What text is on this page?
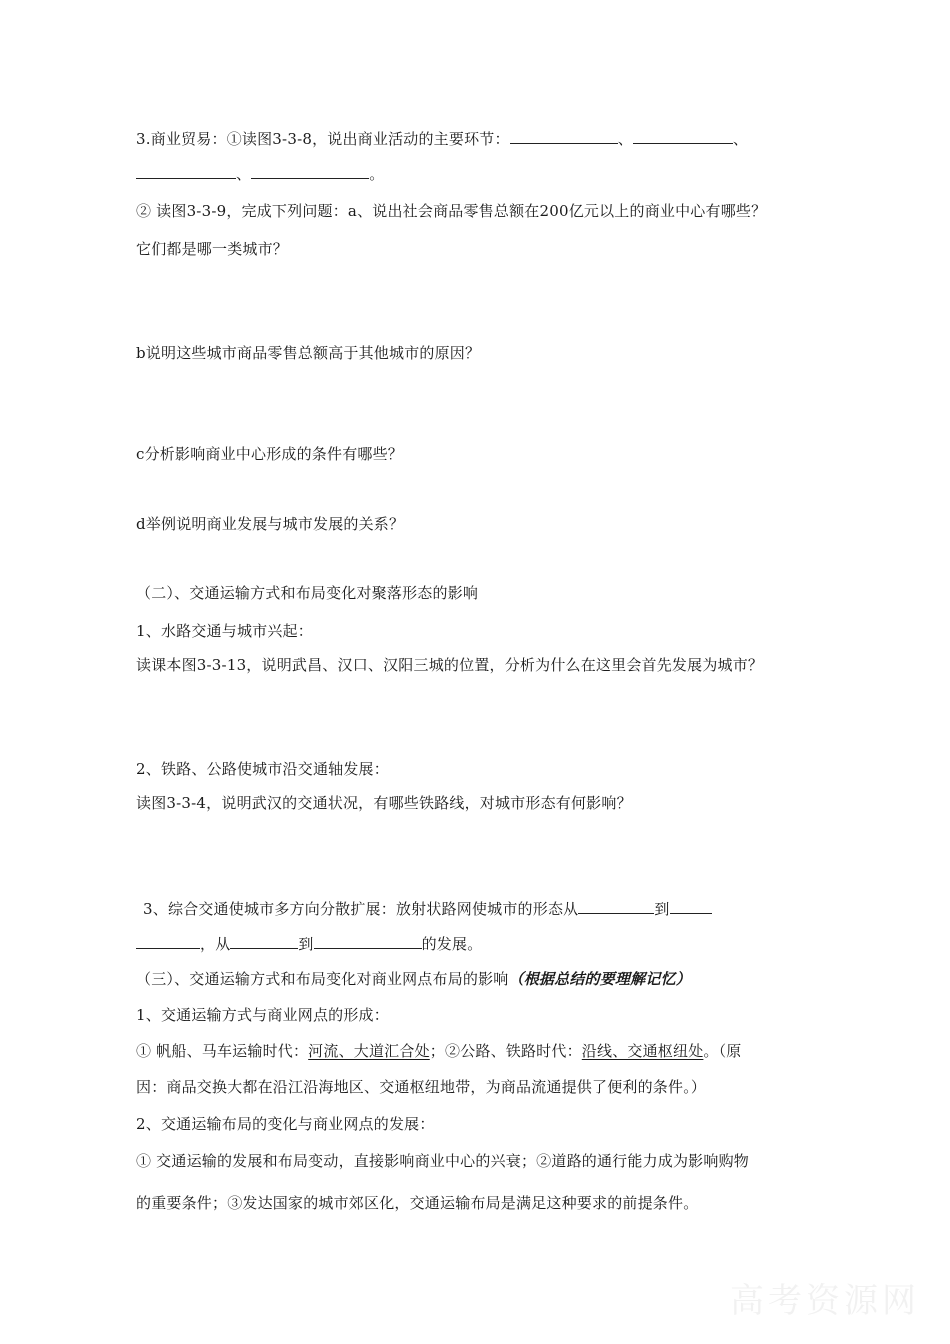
3.商业贸易：①读图3-3-8，说出商业活动的主要环节：	、	、
、	。
② 读图3-3-9，完成下列问题：a、说出社会商品零售总额在200亿元以上的商业中心有哪些？
它们都是哪一类城市？
b说明这些城市商品零售总额高于其他城市的原因？
c分析影响商业中心形成的条件有哪些？
d举例说明商业发展与城市发展的关系？
（二）、交通运输方式和布局变化对聚落形态的影响
1、水路交通与城市兴起：
读课本图3-3-13，说明武昌、汉口、汉阳三城的位置，分析为什么在这里会首先发展为城市？
2、铁路、公路使城市沿交通轴发展：
读图3-3-4，说明武汉的交通状况，有哪些铁路线，对城市形态有何影响？
3、综合交通使城市多方向分散扩展：放射状路网使城市的形态从	到
，从	到	的发展。
（三）、交通运输方式和布局变化对商业网点布局的影响（根据总结的要理解记忆）
1、交通运输方式与商业网点的形成：
① 帆船、马车运输时代：河流、大道汇合处；②公路、铁路时代：沿线、交通枢纽处。（原
因：商品交换大都在沿江沿海地区、交通枢纽地带，为商品流通提供了便利的条件。）
2、交通运输布局的变化与商业网点的发展：
① 交通运输的发展和布局变动，直接影响商业中心的兴衰；②道路的通行能力成为影响购物
的重要条件；③发达国家的城市郊区化，交通运输布局是满足这种要求的前提条件。
高考资源网
